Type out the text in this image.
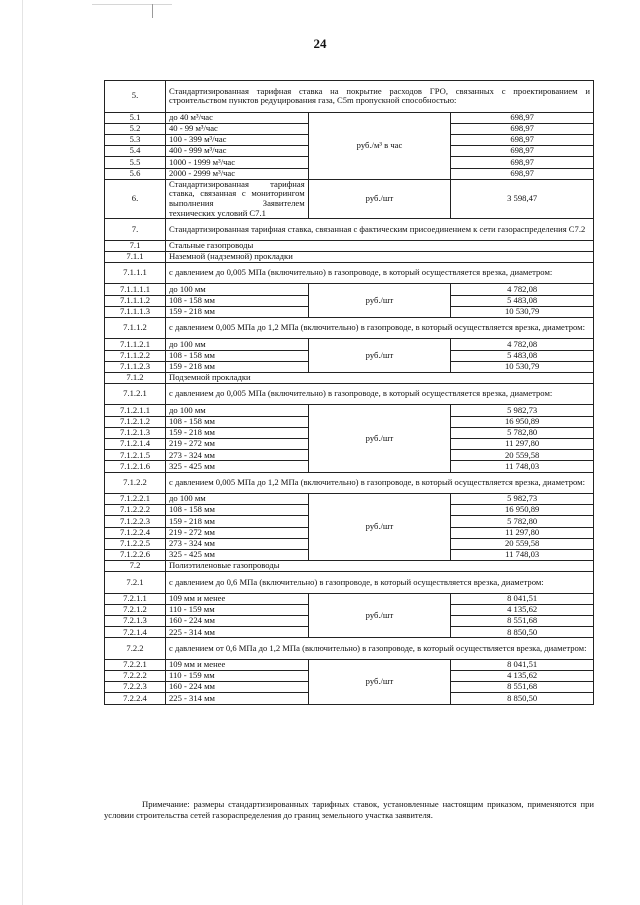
24
5.	Стандартизированная тарифная ставка на покрытие расходов ГРО, связанных с проектированием и строительством пунктов редуцирования газа, C5m пропускной способностью:		
5.1	до 40 м³/час	руб./м³ в час	698,97
5.2	40 - 99 м³/час		698,97
5.3	100 - 399 м³/час		698,97
5.4	400 - 999 м³/час		698,97
5.5	1000 - 1999 м³/час		698,97
5.6	2000 - 2999 м³/час		698,97
6.	Стандартизированная тарифная ставка, связанная с мониторингом выполнения Заявителем технических условий C7.1	руб./шт	3 598,47
7.	Стандартизированная тарифная ставка, связанная с фактическим присоединением к сети газораспределения C7.2		
7.1	Стальные газопроводы		
7.1.1	Наземной (надземной) прокладки		
7.1.1.1	с давлением до 0,005 МПа (включительно) в газопроводе, в который осуществляется врезка, диаметром:		
7.1.1.1.1	до 100 мм	руб./шт	4 782,08
7.1.1.1.2	108 - 158 мм		5 483,08
7.1.1.1.3	159 - 218 мм		10 530,79
7.1.1.2	с давлением 0,005 МПа до 1,2 МПа (включительно) в газопроводе, в который осуществляется врезка, диаметром:		
7.1.1.2.1	до 100 мм	руб./шт	4 782,08
7.1.1.2.2	108 - 158 мм		5 483,08
7.1.1.2.3	159 - 218 мм		10 530,79
7.1.2	Подземной прокладки		
7.1.2.1	с давлением до 0,005 МПа (включительно) в газопроводе, в который осуществляется врезка, диаметром:		
7.1.2.1.1	до 100 мм	руб./шт	5 982,73
7.1.2.1.2	108 - 158 мм		16 950,89
7.1.2.1.3	159 - 218 мм		5 782,80
7.1.2.1.4	219 - 272 мм		11 297,80
7.1.2.1.5	273 - 324 мм		20 559,58
7.1.2.1.6	325 - 425 мм		11 748,03
7.1.2.2	с давлением 0,005 МПа до 1,2 МПа (включительно) в газопроводе, в который осуществляется врезка, диаметром:		
7.1.2.2.1	до 100 мм	руб./шт	5 982,73
7.1.2.2.2	108 - 158 мм		16 950,89
7.1.2.2.3	159 - 218 мм		5 782,80
7.1.2.2.4	219 - 272 мм		11 297,80
7.1.2.2.5	273 - 324 мм		20 559,58
7.1.2.2.6	325 - 425 мм		11 748,03
7.2	Полиэтиленовые газопроводы		
7.2.1	с давлением до 0,6 МПа (включительно) в газопроводе, в который осуществляется врезка, диаметром:		
7.2.1.1	109 мм и менее	руб./шт	8 041,51
7.2.1.2	110 - 159 мм		4 135,62
7.2.1.3	160 - 224 мм		8 551,68
7.2.1.4	225 - 314 мм		8 850,50
7.2.2	с давлением от 0,6 МПа до 1,2 МПа (включительно) в газопроводе, в который осуществляется врезка, диаметром:		
7.2.2.1	109 мм и менее	руб./шт	8 041,51
7.2.2.2	110 - 159 мм		4 135,62
7.2.2.3	160 - 224 мм		8 551,68
7.2.2.4	225 - 314 мм		8 850,50
Примечание: размеры стандартизированных тарифных ставок, установленные настоящим приказом, применяются при условии строительства сетей газораспределения до границ земельного участка заявителя.
